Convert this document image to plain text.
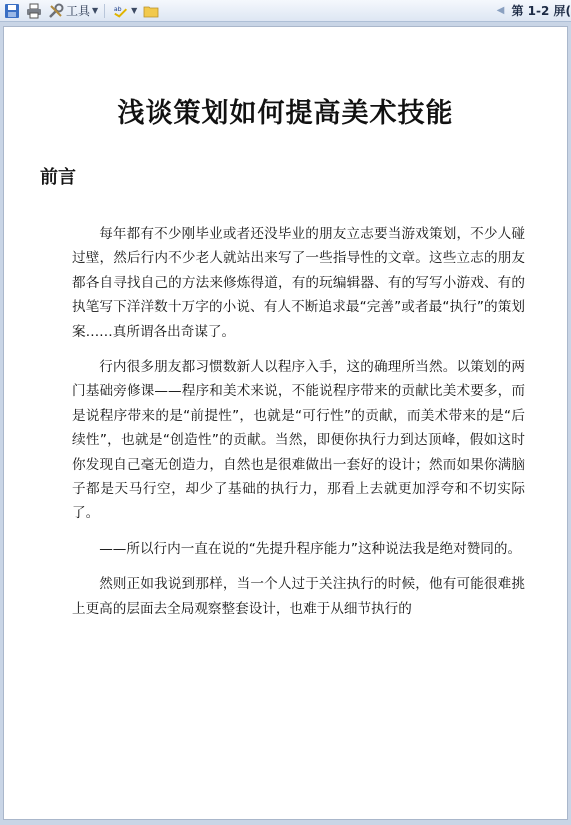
工具 ▼ ab ▼	◀ 第 1-2 屏(
浅谈策划如何提高美术技能
前言

每年都有不少刚毕业或者还没毕业的朋友立志要当游戏策划，不少人碰过壁，然后行内不少老人就站出来写了一些指导性的文章。这些立志的朋友都各自寻找自己的方法来修炼得道，有的玩编辑器、有的写写小游戏、有的执笔写下洋洋数十万字的小说、有人不断追求最“完善”或者最“执行”的策划案……真所谓各出奇谋了。

行内很多朋友都习惯数新人以程序入手，这的确理所当然。以策划的两门基础旁修课——程序和美术来说，不能说程序带来的贡献比美术要多，而是说程序带来的是“前提性”，也就是“可行性”的贡献，而美术带来的是“后续性”，也就是“创造性”的贡献。当然，即便你执行力到达顶峰，假如这时你发现自己毫无创造力，自然也是很难做出一套好的设计；然而如果你满脑子都是天马行空，却少了基础的执行力，那看上去就更加浮夸和不切实际了。

——所以行内一直在说的“先提升程序能力”这种说法我是绝对赞同的。

然则正如我说到那样，当一个人过于关注执行的时候，他有可能很难挑上更高的层面去全局观察整套设计，也难于从细节执行的
